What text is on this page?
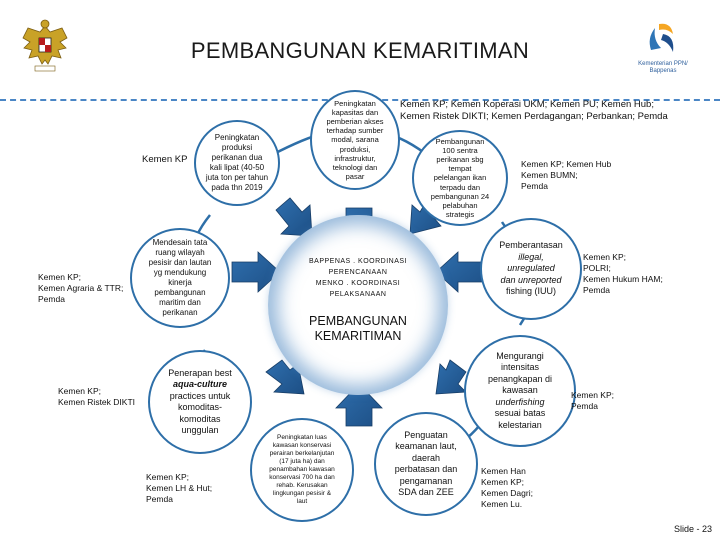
Kementerian PPN/
Bappenas
PEMBANGUNAN KEMARITIMAN
BAPPENAS . KOORDINASI
PERENCANAAN
MENKO . KOORDINASI
PELAKSANAAN
PEMBANGUNAN
KEMARITIMAN
Peningkatan
produksi
perikanan dua
kali lipat (40-50
juta ton per tahun
pada thn 2019
Peningkatan
kapasitas dan
pemberian akses
terhadap sumber
modal, sarana
produksi,
infrastruktur,
teknologi dan
pasar
Pembangunan
100 sentra
perikanan sbg
tempat
pelelangan ikan
terpadu dan
pembangunan 24
pelabuhan
strategis
Mendesain tata
ruang wilayah
pesisir dan lautan
yg mendukung
kinerja
pembangunan
maritim dan
perikanan
Pemberantasan
illegal,
unregulated
dan unreported
fishing (IUU)
Penerapan best
aqua-culture
practices untuk
komoditas-
komoditas
unggulan
Mengurangi
intensitas
penangkapan di
kawasan
underfishing
sesuai batas
kelestarian
Peningkatan luas
kawasan konservasi
perairan berkelanjutan
(17 juta ha) dan
penambahan kawasan
konservasi 700 ha dan
rehab. Kerusakan
lingkungan pesisir &
laut
Penguatan
keamanan laut,
daerah
perbatasan dan
pengamanan
SDA dan ZEE
Kemen KP; Kemen Koperasi UKM; Kemen PU; Kemen Hub;
Kemen Ristek DIKTI; Kemen Perdagangan; Perbankan; Pemda
Kemen KP	Kemen KP; Kemen Hub
Kemen BUMN;
Pemda
Kemen KP;
Kemen Agraria & TTR;
Pemda
Kemen KP;
POLRI;
Kemen Hukum HAM;
Pemda
Kemen KP;
Kemen Ristek DIKTI
Kemen KP;
Pemda
Kemen KP;
Kemen LH & Hut;
Pemda
Kemen Han
Kemen KP;
Kemen Dagri;
Kemen Lu.
Slide - 23
